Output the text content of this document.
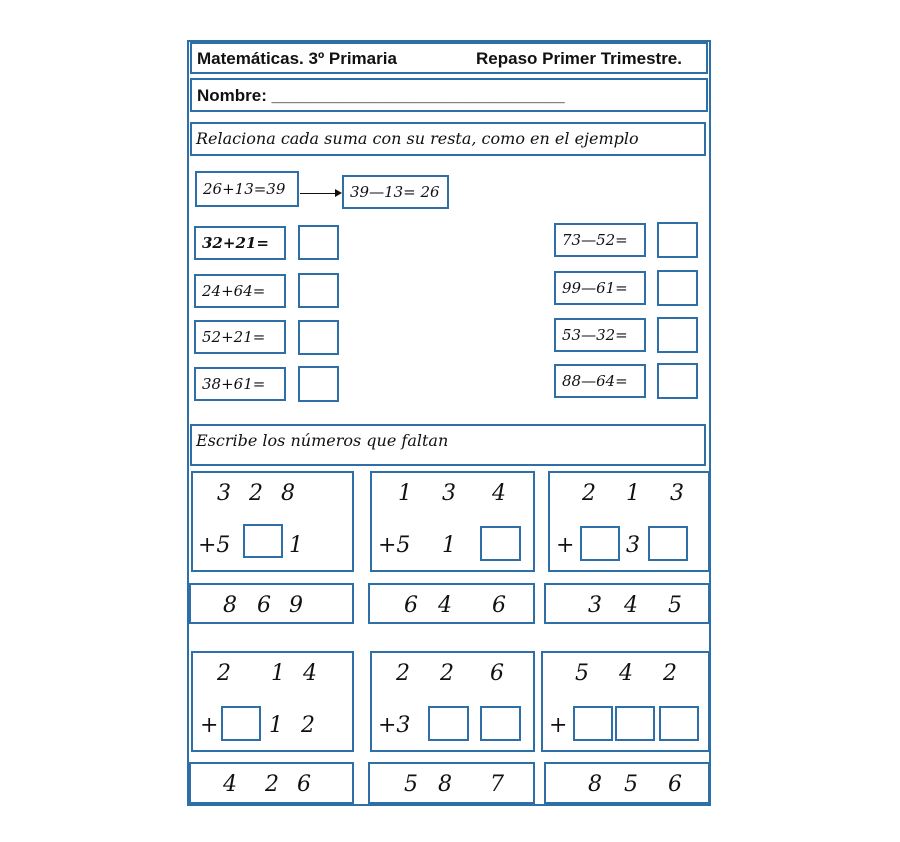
Matemáticas. 3º Primaria	Repaso Primer Trimestre.
Nombre: _______________________________
Relaciona cada suma con su resta, como en el ejemplo
26+13=39	39—13= 26
32+21=
24+64=
52+21=
38+61=
73—52=
99—61=
53—32=
88—64=
Escribe los números que faltan
3 2 8
+5	1
8 6 9
1 3 4
+5 1
6 4 6
2 1 3
+ 3
3 4 5
2 1 4
+ 1 2
4 2 6
2 2 6
+3
5 8 7
5 4 2
+
8 5 6
